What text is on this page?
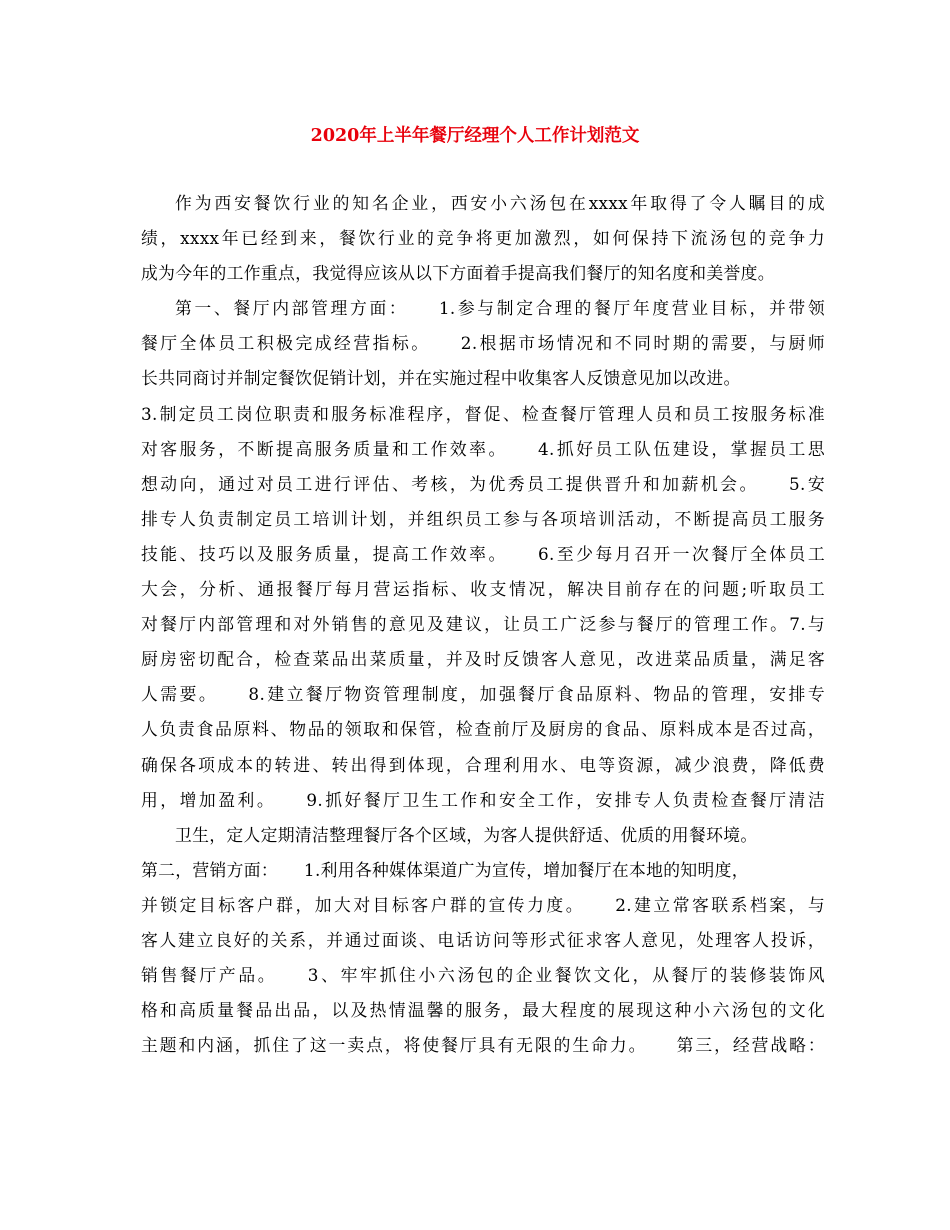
2020年上半年餐厅经理个人工作计划范文
作为西安餐饮行业的知名企业，西安小六汤包在xxxx年取得了令人瞩目的成
绩，xxxx年已经到来，餐饮行业的竞争将更加激烈，如何保持下流汤包的竞争力
成为今年的工作重点，我觉得应该从以下方面着手提高我们餐厅的知名度和美誉度。
第一、餐厅内部管理方面：　　1.参与制定合理的餐厅年度营业目标，并带领
餐厅全体员工积极完成经营指标。　　2.根据市场情况和不同时期的需要，与厨师
长共同商讨并制定餐饮促销计划，并在实施过程中收集客人反馈意见加以改进。
3.制定员工岗位职责和服务标准程序，督促、检查餐厅管理人员和员工按服务标准
对客服务，不断提高服务质量和工作效率。　　4.抓好员工队伍建设，掌握员工思
想动向，通过对员工进行评估、考核，为优秀员工提供晋升和加薪机会。　　5.安
排专人负责制定员工培训计划，并组织员工参与各项培训活动，不断提高员工服务
技能、技巧以及服务质量，提高工作效率。　　6.至少每月召开一次餐厅全体员工
大会，分析、通报餐厅每月营运指标、收支情况，解决目前存在的问题;听取员工
对餐厅内部管理和对外销售的意见及建议，让员工广泛参与餐厅的管理工作。7.与
厨房密切配合，检查菜品出菜质量，并及时反馈客人意见，改进菜品质量，满足客
人需要。　　8.建立餐厅物资管理制度，加强餐厅食品原料、物品的管理，安排专
人负责食品原料、物品的领取和保管，检查前厅及厨房的食品、原料成本是否过高，
确保各项成本的转进、转出得到体现，合理利用水、电等资源，减少浪费，降低费
用，增加盈利。　　9.抓好餐厅卫生工作和安全工作，安排专人负责检查餐厅清洁
卫生，定人定期清洁整理餐厅各个区域，为客人提供舒适、优质的用餐环境。
第二，营销方面：　　1.利用各种媒体渠道广为宣传，增加餐厅在本地的知明度，
并锁定目标客户群，加大对目标客户群的宣传力度。　　2.建立常客联系档案，与
客人建立良好的关系，并通过面谈、电话访问等形式征求客人意见，处理客人投诉，
销售餐厅产品。　　3、牢牢抓住小六汤包的企业餐饮文化，从餐厅的装修装饰风
格和高质量餐品出品，以及热情温馨的服务，最大程度的展现这种小六汤包的文化
主题和内涵，抓住了这一卖点，将使餐厅具有无限的生命力。　　第三，经营战略：
